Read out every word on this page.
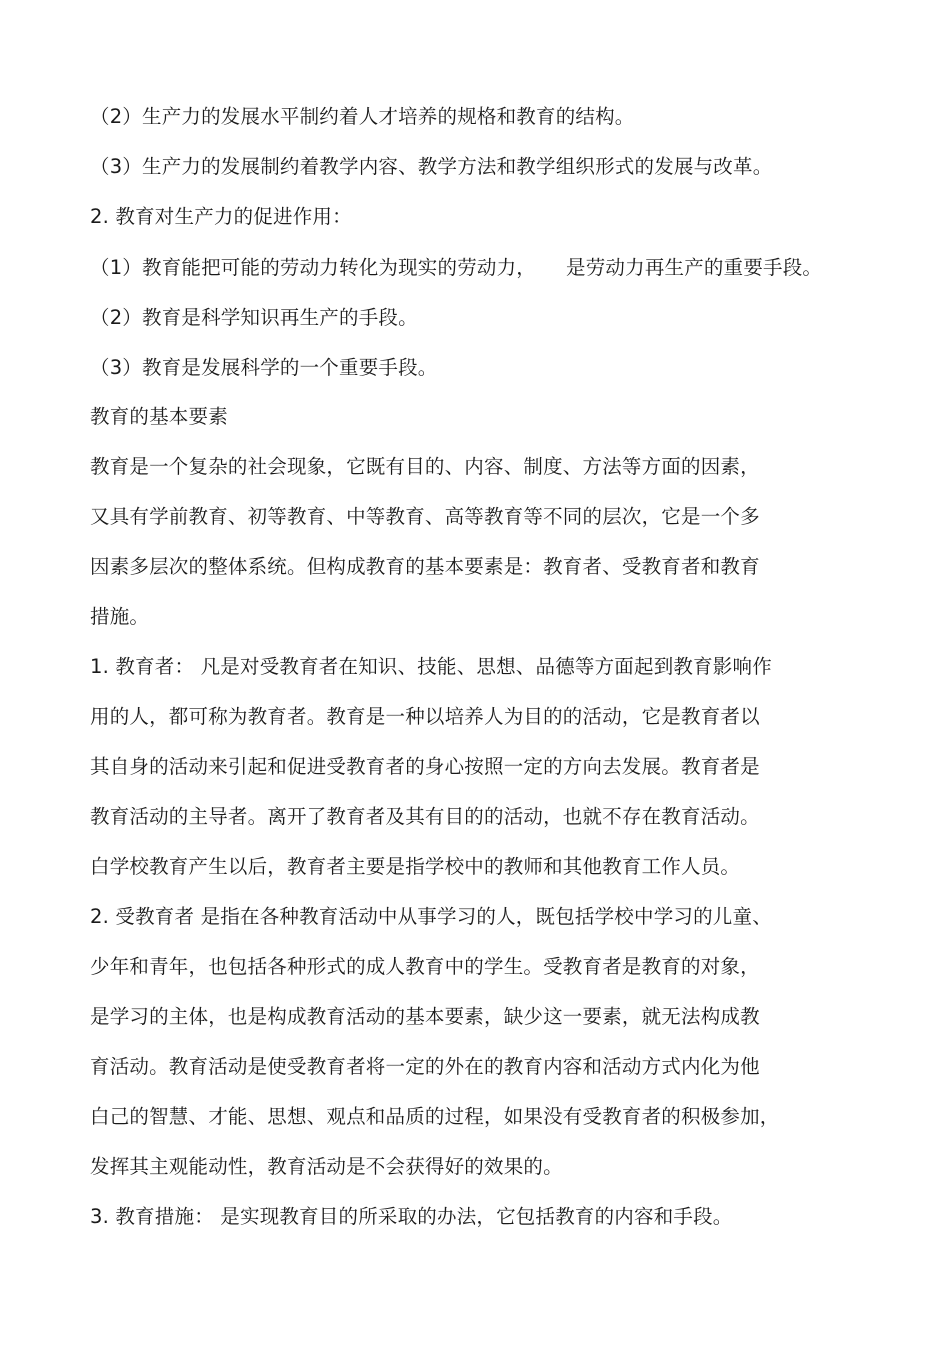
（2）生产力的发展水平制约着人才培养的规格和教育的结构。
（3）生产力的发展制约着教学内容、教学方法和教学组织形式的发展与改革。
2. 教育对生产力的促进作用：
（1）教育能把可能的劳动力转化为现实的劳动力， 是劳动力再生产的重要手段。
（2）教育是科学知识再生产的手段。
（3）教育是发展科学的一个重要手段。
教育的基本要素
教育是一个复杂的社会现象，它既有目的、内容、制度、方法等方面的因素，
又具有学前教育、初等教育、中等教育、高等教育等不同的层次，它是一个多
因素多层次的整体系统。但构成教育的基本要素是：教育者、受教育者和教育
措施。
1. 教育者： 凡是对受教育者在知识、技能、思想、品德等方面起到教育影响作
用的人，都可称为教育者。教育是一种以培养人为目的的活动，它是教育者以
其自身的活动来引起和促进受教育者的身心按照一定的方向去发展。教育者是
教育活动的主导者。离开了教育者及其有目的的活动，也就不存在教育活动。
白学校教育产生以后，教育者主要是指学校中的教师和其他教育工作人员。
2. 受教育者 是指在各种教育活动中从事学习的人，既包括学校中学习的儿童、
少年和青年，也包括各种形式的成人教育中的学生。受教育者是教育的对象，
是学习的主体，也是构成教育活动的基本要素，缺少这一要素，就无法构成教
育活动。教育活动是使受教育者将一定的外在的教育内容和活动方式内化为他
白己的智慧、才能、思想、观点和品质的过程，如果没有受教育者的积极参加，
发挥其主观能动性，教育活动是不会获得好的效果的。
3. 教育措施： 是实现教育目的所采取的办法，它包括教育的内容和手段。
